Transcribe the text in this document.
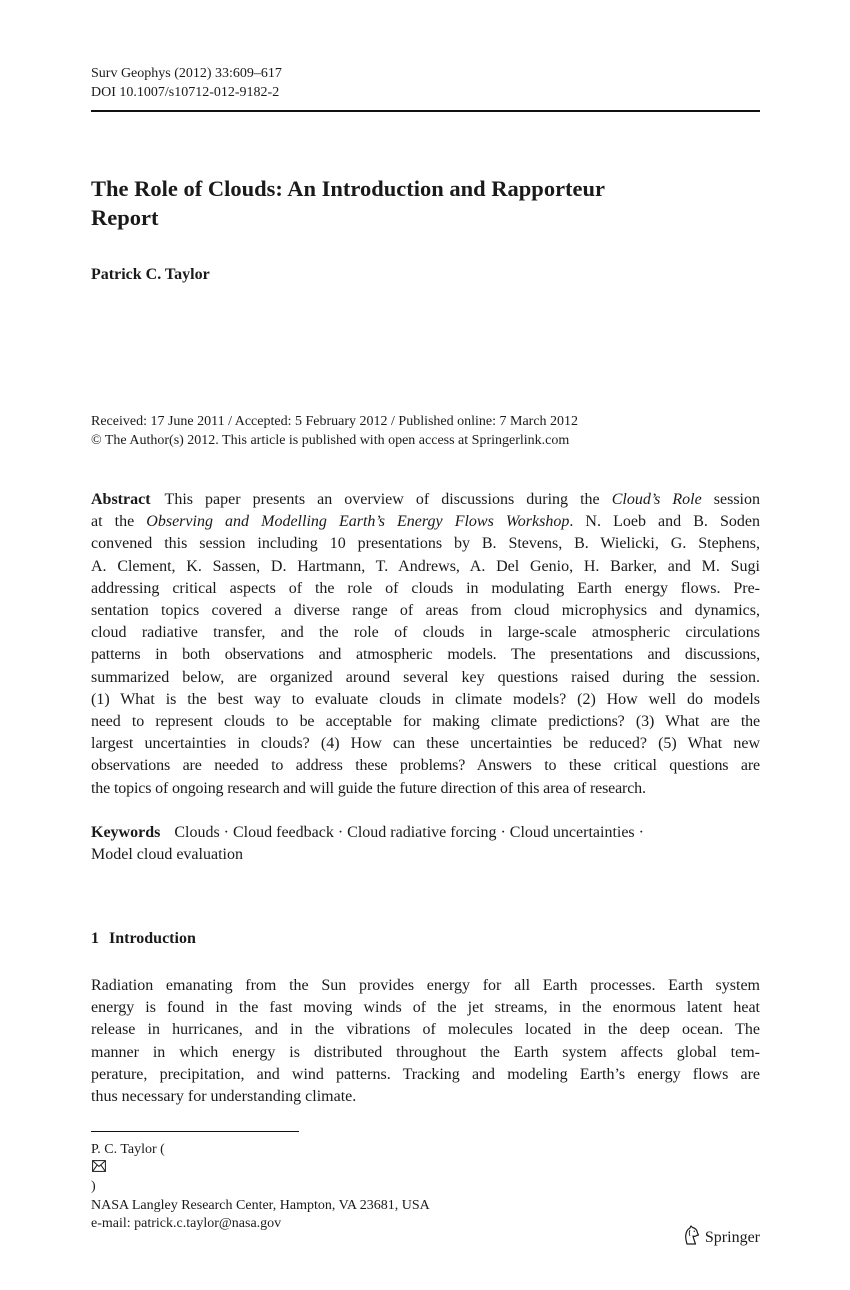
Surv Geophys (2012) 33:609–617
DOI 10.1007/s10712-012-9182-2
The Role of Clouds: An Introduction and Rapporteur
Report
Patrick C. Taylor
Received: 17 June 2011 / Accepted: 5 February 2012 / Published online: 7 March 2012
© The Author(s) 2012. This article is published with open access at Springerlink.com

Abstract This paper presents an overview of discussions during the Cloud’s Role session

at the Observing and Modelling Earth’s Energy Flows Workshop. N. Loeb and B. Soden

convened this session including 10 presentations by B. Stevens, B. Wielicki, G. Stephens,

A. Clement, K. Sassen, D. Hartmann, T. Andrews, A. Del Genio, H. Barker, and M. Sugi

addressing critical aspects of the role of clouds in modulating Earth energy flows. Pre-

sentation topics covered a diverse range of areas from cloud microphysics and dynamics,

cloud radiative transfer, and the role of clouds in large-scale atmospheric circulations

patterns in both observations and atmospheric models. The presentations and discussions,

summarized below, are organized around several key questions raised during the session.

(1) What is the best way to evaluate clouds in climate models? (2) How well do models

need to represent clouds to be acceptable for making climate predictions? (3) What are the

largest uncertainties in clouds? (4) How can these uncertainties be reduced? (5) What new

observations are needed to address these problems? Answers to these critical questions are

the topics of ongoing research and will guide the future direction of this area of research.

Keywords Clouds · Cloud feedback · Cloud radiative forcing · Cloud uncertainties ·

Model cloud evaluation

1 Introduction

Radiation emanating from the Sun provides energy for all Earth processes. Earth system

energy is found in the fast moving winds of the jet streams, in the enormous latent heat

release in hurricanes, and in the vibrations of molecules located in the deep ocean. The

manner in which energy is distributed throughout the Earth system affects global tem-

perature, precipitation, and wind patterns. Tracking and modeling Earth’s energy flows are

thus necessary for understanding climate.

P. C. Taylor (
)
NASA Langley Research Center, Hampton, VA 23681, USA
e-mail: patrick.c.taylor@nasa.gov
Springer
